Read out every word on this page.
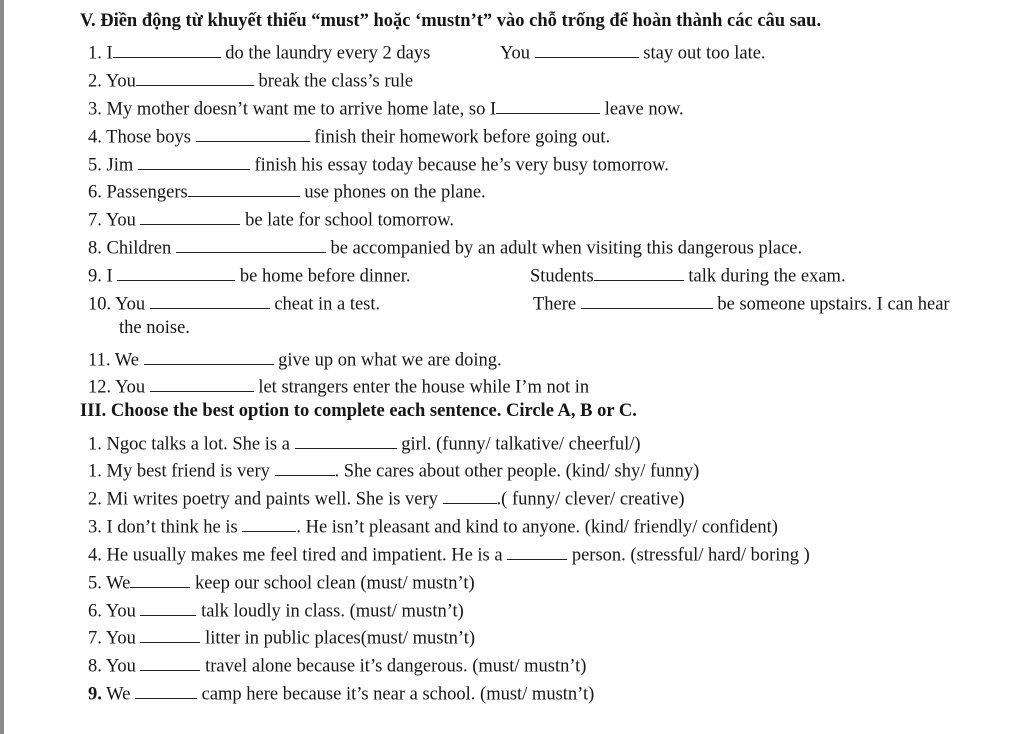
V. Điền động từ khuyết thiếu “must” hoặc ‘mustn’t” vào chỗ trống để hoàn thành các câu sau.
1. I	do the laundry every 2 days	You	stay out too late.
2. You	break the class’s rule
3. My mother doesn’t want me to arrive home late, so I	leave now.
4. Those boys	finish their homework before going out.
5. Jim	finish his essay today because he’s very busy tomorrow.
6. Passengers	use phones on the plane.
7. You	be late for school tomorrow.
8. Children	be accompanied by an adult when visiting this dangerous place.
9. I	be home before dinner.	Students	talk during the exam.
10. You	cheat in a test.	There	be someone upstairs. I can hear
the noise.
11. We	give up on what we are doing.
12. You	let strangers enter the house while I’m not in
III. Choose the best option to complete each sentence. Circle A, B or C.
1. Ngoc talks a lot. She is a	girl. (funny/ talkative/ cheerful/)
1. My best friend is very	. She cares about other people. (kind/ shy/ funny)
2. Mi writes poetry and paints well. She is very	.( funny/ clever/ creative)
3. I don’t think he is	. He isn’t pleasant and kind to anyone. (kind/ friendly/ confident)
4. He usually makes me feel tired and impatient. He is a	person. (stressful/ hard/ boring )
5. We	keep our school clean (must/ mustn’t)
6. You	talk loudly in class. (must/ mustn’t)
7. You	litter in public places(must/ mustn’t)
8. You	travel alone because it’s dangerous. (must/ mustn’t)
9. We	camp here because it’s near a school. (must/ mustn’t)
